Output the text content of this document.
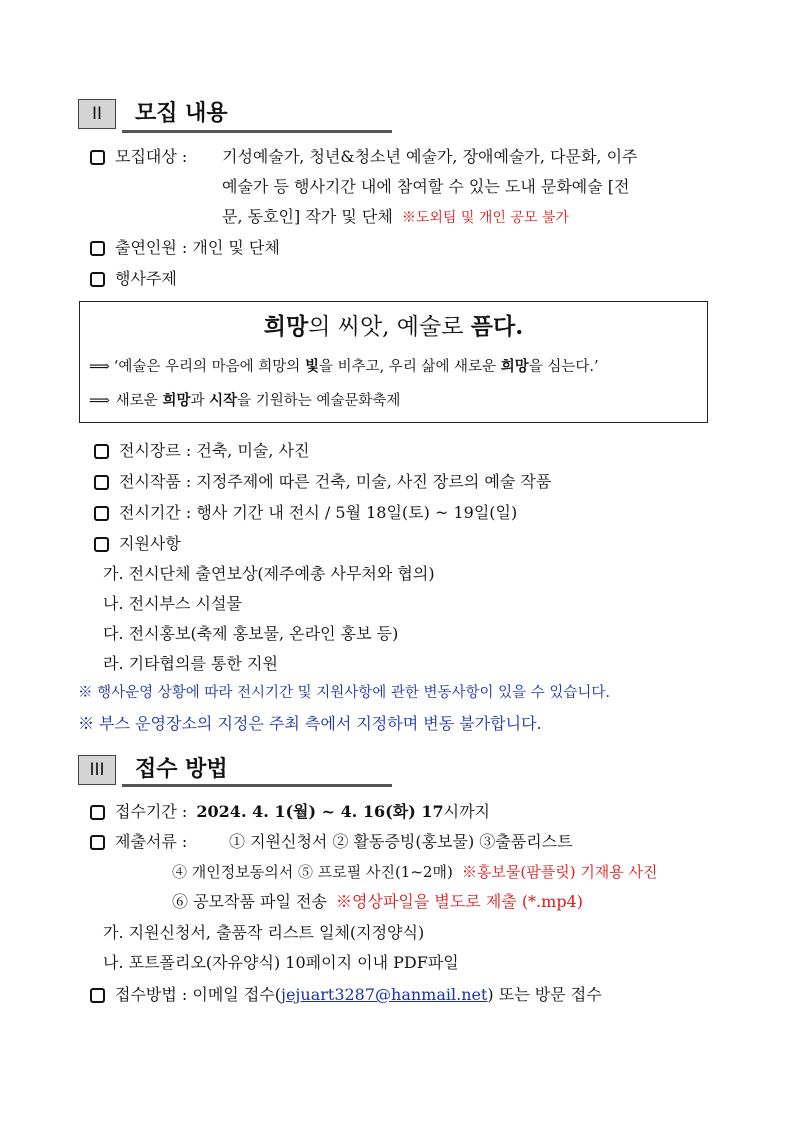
II	모집 내용
모집대상 : 기성예술가, 청년&청소년 예술가, 장애예술가, 다문화, 이주
예술가 등 행사기간 내에 참여할 수 있는 도내 문화예술 [전
문, 동호인] 작가 및 단체 ※도외팀 및 개인 공모 불가
출연인원 : 개인 및 단체
행사주제
희망의 씨앗, 예술로 픔다.
⟹ ‘예술은 우리의 마음에 희망의 빛을 비추고, 우리 삶에 새로운 희망을 심는다.’
⟹ 새로운 희망과 시작을 기원하는 예술문화축제
전시장르 : 건축, 미술, 사진
전시작품 : 지정주제에 따른 건축, 미술, 사진 장르의 예술 작품
전시기간 : 행사 기간 내 전시 / 5월 18일(토) ~ 19일(일)
지원사항
가. 전시단체 출연보상(제주예총 사무처와 협의)
나. 전시부스 시설물
다. 전시홍보(축제 홍보물, 온라인 홍보 등)
라. 기타협의를 통한 지원
※ 행사운영 상황에 따라 전시기간 및 지원사항에 관한 변동사항이 있을 수 있습니다.
※ 부스 운영장소의 지정은 주최 측에서 지정하며 변동 불가합니다.
III	접수 방법
접수기간 : 2024. 4. 1(월) ~ 4. 16(화) 17시까지
제출서류 :	① 지원신청서 ② 활동증빙(홍보물) ③출품리스트
④ 개인정보동의서 ⑤ 프로필 사진(1~2매) ※홍보물(팜플릿) 기재용 사진
⑥ 공모작품 파일 전송 ※영상파일을 별도로 제출 (*.mp4)
가. 지원신청서, 출품작 리스트 일체(지정양식)
나. 포트폴리오(자유양식) 10페이지 이내 PDF파일
접수방법 : 이메일 접수(jejuart3287@hanmail.net) 또는 방문 접수
